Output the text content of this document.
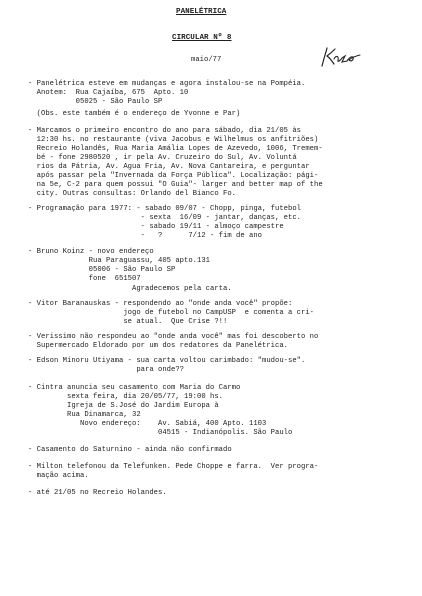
PANELÉTRICA
CIRCULAR Nº 8
maio/77
- Panelétrica esteve em mudanças e agora instalou-se na Pompéia.
Anotem:  Rua Cajaíba, 675  Apto. 10
05025 - São Paulo SP
(Obs. este também é o endereço de Yvonne e Par)
- Marcamos o primeiro encontro do ano para sábado, dia 21/05 às
12:30 hs. no restaurante (viva Jacobus e Wilhelmus os anfitriões)
Recreio Holandês, Rua Maria Amália Lopes de Azevedo, 1006, Tremem-
bé - fone 2980520 , ir pela Av. Cruzeiro do Sul, Av. Voluntá
rios da Pátria, Av. Agua Fria, Av. Nova Cantareira, e perguntar
após passar pela "Invernada da Força Pública". Localização: pági-
na 5e, C-2 para quem possui "O Guia"- larger and better map of the
city. Outras consultas: Orlando del Bianco Fo.
- Programação para 1977: - sabado 09/07 - Chopp, pinga, futebol
- sexta  16/09 - jantar, danças, etc.
- sabado 19/11 - almoço campestre
-   ?      7/12 - fim de ano
- Bruno Koinz - novo endereço
Rua Paraguassu, 405 apto.131
05006 - São Paulo SP
fone  651507
Agradecemos pela carta.
- Vitor Baranauskas - respondendo ao "onde anda você" propõe:
jogo de futebol no CampUSP  e comenta a cri-
se atual.  Que Crise ?!!
- Verissimo não respondeu ao "onde anda você" mas foi descoberto no
Supermercado Eldorado por um dos redatores da Panelétrica.
- Edson Minoru Utiyama - sua carta voltou carimbado: "mudou-se".
para onde??
- Cintra anuncia seu casamento com Maria do Carmo
sexta feira, dia 20/05/77, 19:00 hs.
Igreja de S.José do Jardim Europa à
Rua Dinamarca, 32
Novo endereço:    Av. Sabiá, 400 Apto. 1103
04515 - Indianópolis. São Paulo
- Casamento do Saturnino - ainda não confirmado
- Milton telefonou da Telefunken. Pede Choppe e farra.  Ver progra-
mação acima.
- até 21/05 no Recreio Holandes.
